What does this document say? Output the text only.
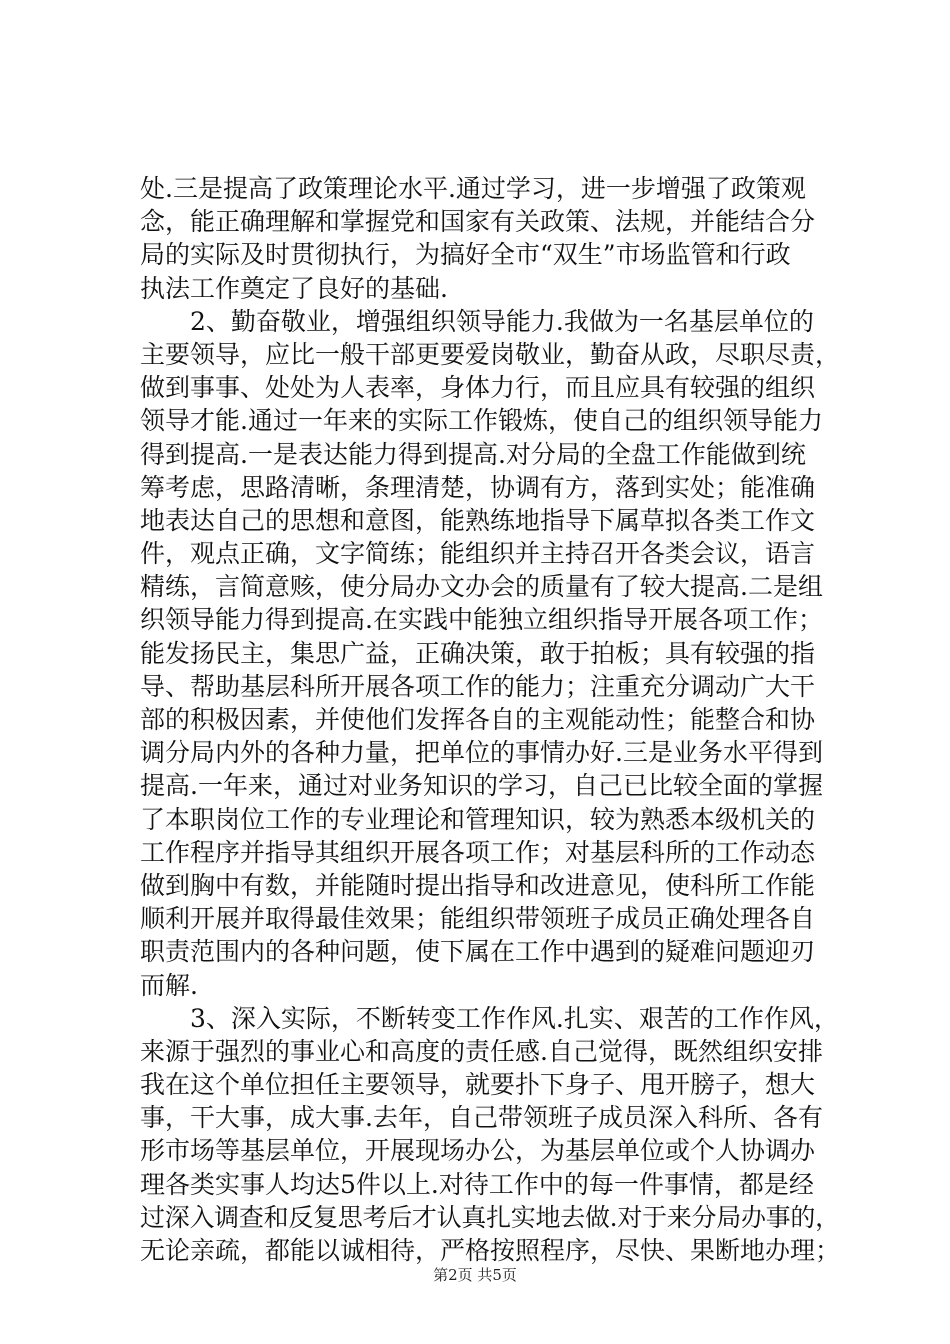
处.三是提高了政策理论水平.通过学习，进一步增强了政策观
念，能正确理解和掌握党和国家有关政策、法规，并能结合分
局的实际及时贯彻执行，为搞好全市“双生”市场监管和行政
执法工作奠定了良好的基础.
　　2、勤奋敬业，增强组织领导能力.我做为一名基层单位的
主要领导，应比一般干部更要爱岗敬业，勤奋从政，尽职尽责，
做到事事、处处为人表率，身体力行，而且应具有较强的组织
领导才能.通过一年来的实际工作锻炼，使自己的组织领导能力
得到提高.一是表达能力得到提高.对分局的全盘工作能做到统
筹考虑，思路清晰，条理清楚，协调有方，落到实处；能准确
地表达自己的思想和意图，能熟练地指导下属草拟各类工作文
件，观点正确，文字简练；能组织并主持召开各类会议，语言
精练，言简意赅，使分局办文办会的质量有了较大提高.二是组
织领导能力得到提高.在实践中能独立组织指导开展各项工作；
能发扬民主，集思广益，正确决策，敢于拍板；具有较强的指
导、帮助基层科所开展各项工作的能力；注重充分调动广大干
部的积极因素，并使他们发挥各自的主观能动性；能整合和协
调分局内外的各种力量，把单位的事情办好.三是业务水平得到
提高.一年来，通过对业务知识的学习，自己已比较全面的掌握
了本职岗位工作的专业理论和管理知识，较为熟悉本级机关的
工作程序并指导其组织开展各项工作；对基层科所的工作动态
做到胸中有数，并能随时提出指导和改进意见，使科所工作能
顺利开展并取得最佳效果；能组织带领班子成员正确处理各自
职责范围内的各种问题，使下属在工作中遇到的疑难问题迎刃
而解.
　　3、深入实际，不断转变工作作风.扎实、艰苦的工作作风，
来源于强烈的事业心和高度的责任感.自己觉得，既然组织安排
我在这个单位担任主要领导，就要扑下身子、甩开膀子，想大
事，干大事，成大事.去年，自己带领班子成员深入科所、各有
形市场等基层单位，开展现场办公，为基层单位或个人协调办
理各类实事人均达5件以上.对待工作中的每一件事情，都是经
过深入调查和反复思考后才认真扎实地去做.对于来分局办事的，
无论亲疏，都能以诚相待，严格按照程序，尽快、果断地办理；
第2页 共5页
